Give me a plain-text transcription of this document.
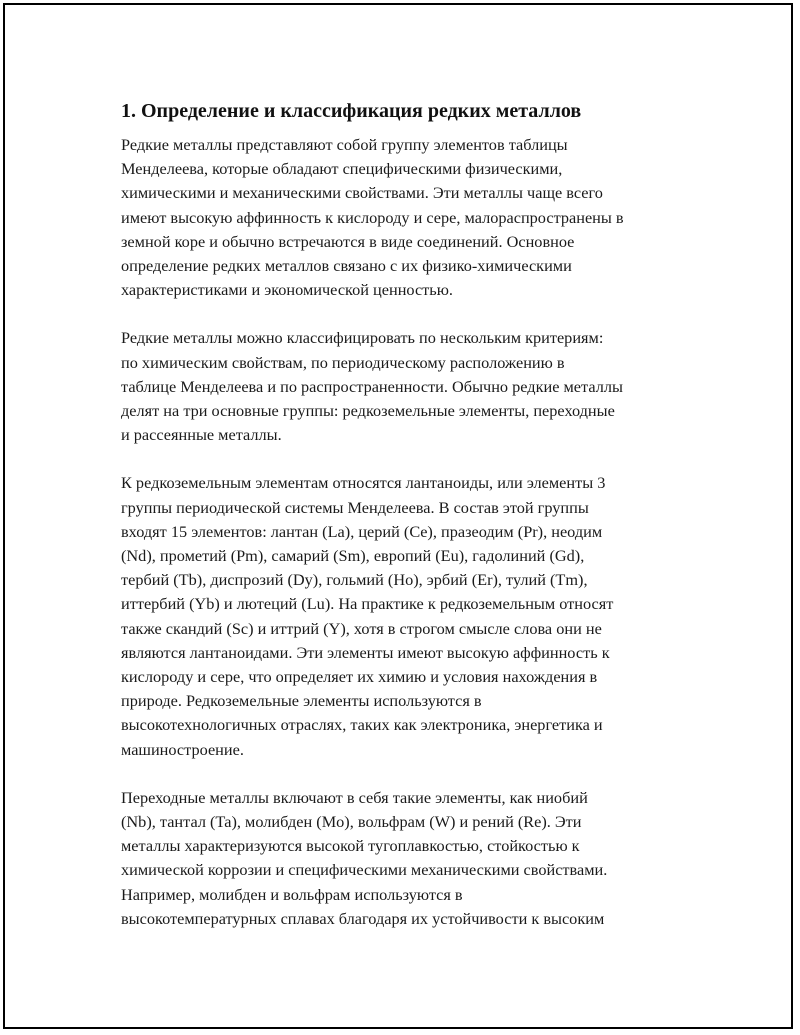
1. Определение и классификация редких металлов

Редкие металлы представляют собой группу элементов таблицы
Менделеева, которые обладают специфическими физическими,
химическими и механическими свойствами. Эти металлы чаще всего
имеют высокую аффинность к кислороду и сере, малораспространены в
земной коре и обычно встречаются в виде соединений. Основное
определение редких металлов связано с их физико-химическими
характеристиками и экономической ценностью.

Редкие металлы можно классифицировать по нескольким критериям:
по химическим свойствам, по периодическому расположению в
таблице Менделеева и по распространенности. Обычно редкие металлы
делят на три основные группы: редкоземельные элементы, переходные
и рассеянные металлы.

К редкоземельным элементам относятся лантаноиды, или элементы 3
группы периодической системы Менделеева. В состав этой группы
входят 15 элементов: лантан (La), церий (Ce), празеодим (Pr), неодим
(Nd), прометий (Pm), самарий (Sm), европий (Eu), гадолиний (Gd),
тербий (Tb), диспрозий (Dy), гольмий (Ho), эрбий (Er), тулий (Tm),
иттербий (Yb) и лютеций (Lu). На практике к редкоземельным относят
также скандий (Sc) и иттрий (Y), хотя в строгом смысле слова они не
являются лантаноидами. Эти элементы имеют высокую аффинность к
кислороду и сере, что определяет их химию и условия нахождения в
природе. Редкоземельные элементы используются в
высокотехнологичных отраслях, таких как электроника, энергетика и
машиностроение.

Переходные металлы включают в себя такие элементы, как ниобий
(Nb), тантал (Ta), молибден (Mo), вольфрам (W) и рений (Re). Эти
металлы характеризуются высокой тугоплавкостью, стойкостью к
химической коррозии и специфическими механическими свойствами.
Например, молибден и вольфрам используются в
высокотемпературных сплавах благодаря их устойчивости к высоким
